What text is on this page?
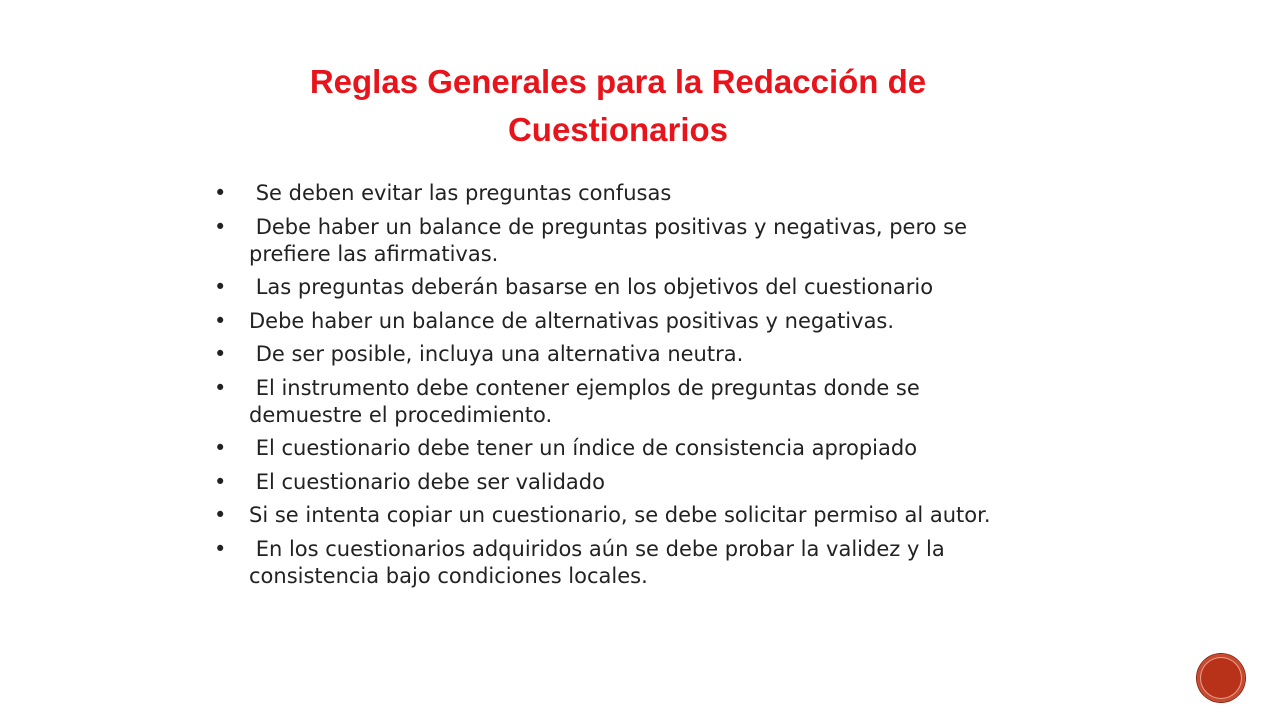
Reglas Generales para la Redacción de
Cuestionarios
• Se deben evitar las preguntas confusas
• Debe haber un balance de preguntas positivas y negativas, pero se prefiere las afirmativas.
• Las preguntas deberán basarse en los objetivos del cuestionario
• Debe haber un balance de alternativas positivas y negativas.
• De ser posible, incluya una alternativa neutra.
• El instrumento debe contener ejemplos de preguntas donde se demuestre el procedimiento.
• El cuestionario debe tener un índice de consistencia apropiado
• El cuestionario debe ser validado
• Si se intenta copiar un cuestionario, se debe solicitar permiso al autor.
• En los cuestionarios adquiridos aún se debe probar la validez y la consistencia bajo condiciones locales.
